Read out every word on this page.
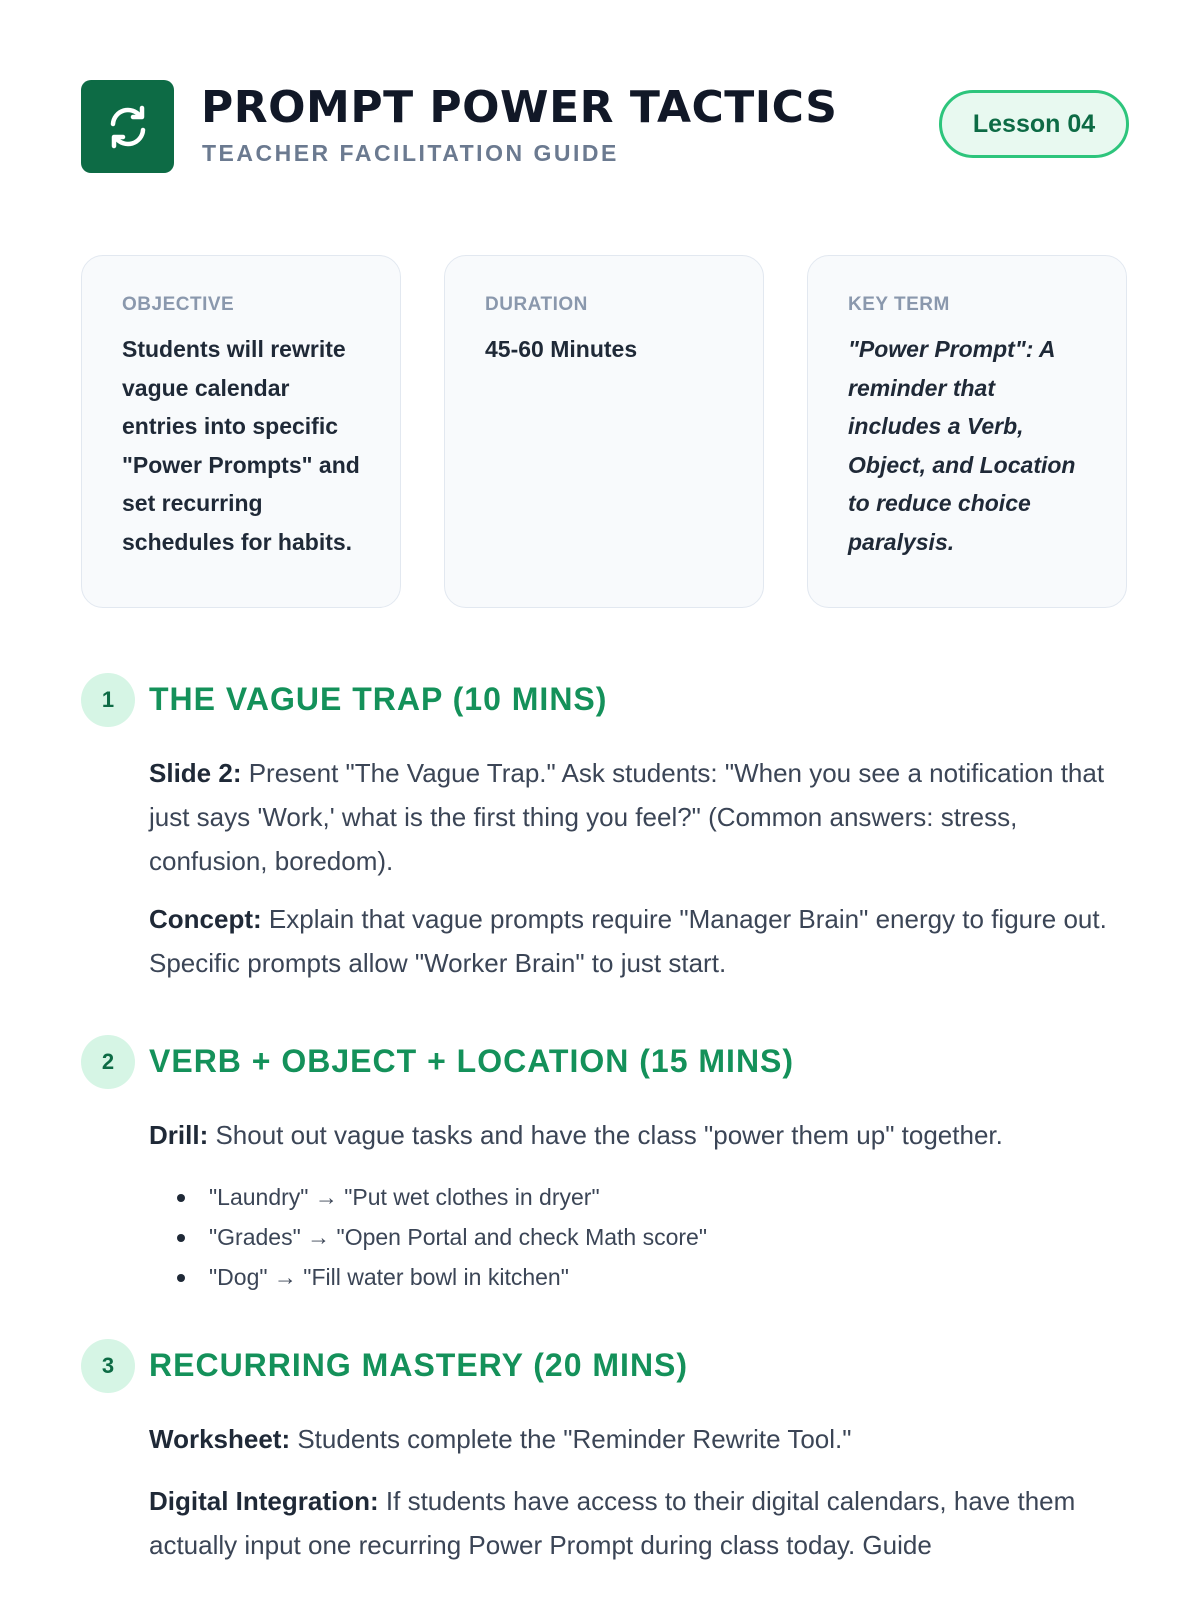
PROMPT POWER TACTICS
TEACHER FACILITATION GUIDE
Lesson 04
OBJECTIVE
Students will rewrite vague calendar entries into specific "Power Prompts" and set recurring schedules for habits.
DURATION
45-60 Minutes
KEY TERM
"Power Prompt": A reminder that includes a Verb, Object, and Location to reduce choice paralysis.
1	THE VAGUE TRAP (10 MINS)

Slide 2: Present "The Vague Trap." Ask students: "When you see a notification that just says 'Work,' what is the first thing you feel?" (Common answers: stress, confusion, boredom).

Concept: Explain that vague prompts require "Manager Brain" energy to figure out. Specific prompts allow "Worker Brain" to just start.

2	VERB + OBJECT + LOCATION (15 MINS)

Drill: Shout out vague tasks and have the class "power them up" together.

"Laundry" → "Put wet clothes in dryer"
"Grades" → "Open Portal and check Math score"
"Dog" → "Fill water bowl in kitchen"
3	RECURRING MASTERY (20 MINS)

Worksheet: Students complete the "Reminder Rewrite Tool."

Digital Integration: If students have access to their digital calendars, have them actually input one recurring Power Prompt during class today. Guide
